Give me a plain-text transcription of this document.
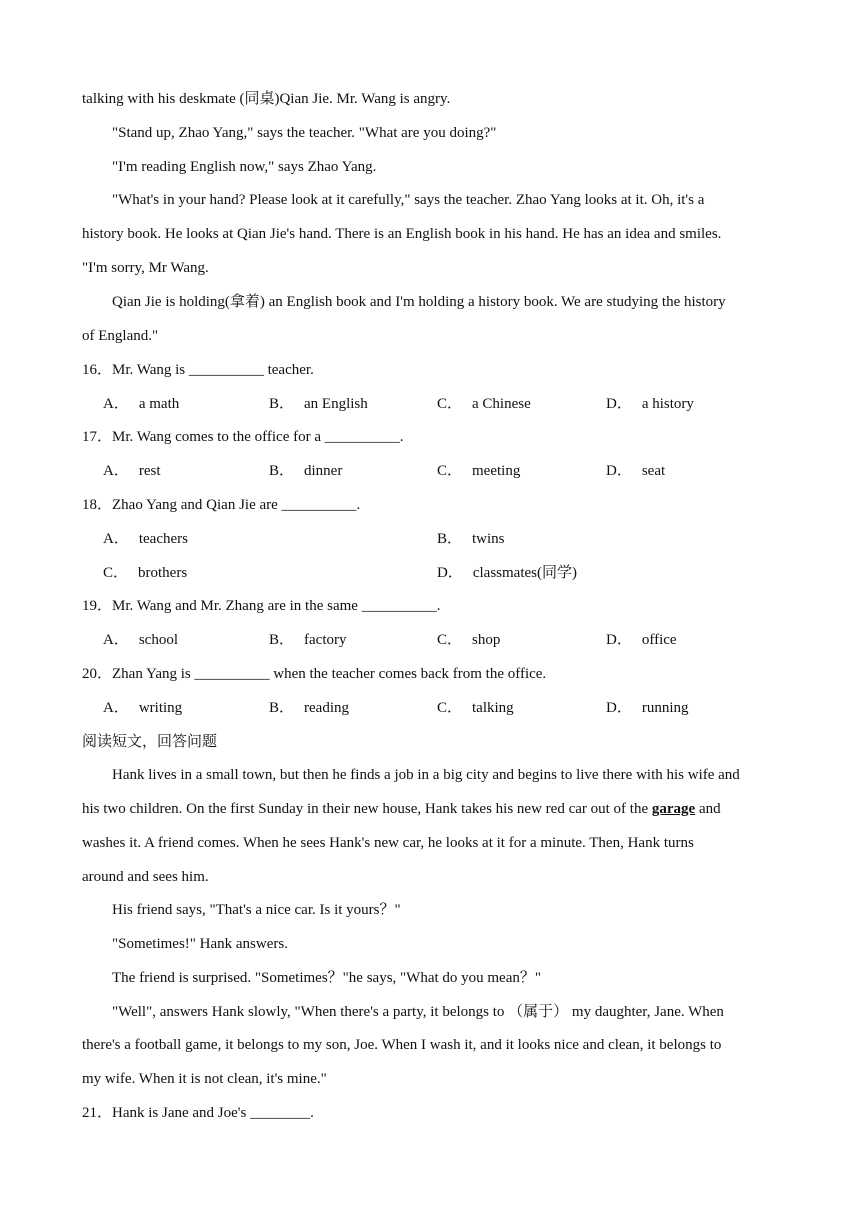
talking with his deskmate (同桌)Qian Jie. Mr. Wang is angry.
"Stand up, Zhao Yang," says the teacher. "What are you doing?"
"I'm reading English now," says Zhao Yang.
"What's in your hand? Please look at it carefully," says the teacher. Zhao Yang looks at it. Oh, it's a
history book. He looks at Qian Jie's hand. There is an English book in his hand. He has an idea and smiles.
"I'm sorry, Mr Wang.
Qian Jie is holding(拿着) an English book and I'm holding a history book. We are studying the history
of England."
16．Mr. Wang is __________ teacher.
A． a math	B． an English	C． a Chinese	D． a history
17．Mr. Wang comes to the office for a __________.
A． rest	B． dinner	C． meeting	D． seat
18．Zhao Yang and Qian Jie are __________.
A． teachers	B． twins
C． brothers	D． classmates(同学)
19．Mr. Wang and Mr. Zhang are in the same __________.
A． school	B． factory	C． shop	D． office
20．Zhan Yang is __________ when the teacher comes back from the office.
A． writing	B． reading	C． talking	D． running
阅读短文，回答问题
Hank lives in a small town, but then he finds a job in a big city and begins to live there with his wife and
his two children. On the first Sunday in their new house, Hank takes his new red car out of the garage and
washes it. A friend comes. When he sees Hank's new car, he looks at it for a minute. Then, Hank turns
around and sees him.
His friend says, "That's a nice car. Is it yours？"
"Sometimes!" Hank answers.
The friend is surprised. "Sometimes？"he says, "What do you mean？"
"Well", answers Hank slowly, "When there's a party, it belongs to （属于） my daughter, Jane. When
there's a football game, it belongs to my son, Joe. When I wash it, and it looks nice and clean, it belongs to
my wife. When it is not clean, it's mine."
21．Hank is Jane and Joe's ________.
